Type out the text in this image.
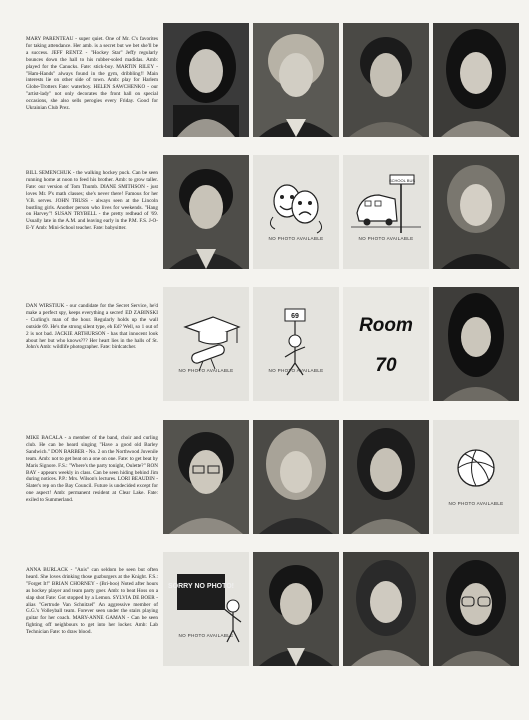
MARY PARENTEAU - super quiet. One of Mr. C's favorites for taking attendance. Her amb. is a secret but we bet she'll be a success. JEFF RENTZ - "Hockey Star" Jeffy regularly bounces down the hall to his rubber-soled madidas. Amb: played for the Canucks. Fate: stick-boy. MARTIN RILEY - "Ham-Hands" always found in the gym, dribbling!! Main interests lie on other side of town. Amb: play for Harlem Globe-Trotters Fate: waterboy. HELEN SAWCHENKO - our "artist-lady" not only decorates the front hall on special occasions, she also sells perogies every Friday. Good for Ukrainian Club Prez.
BILL SEMENCHUK - the walking hockey puck. Can be seen running home at noon to feed his brother. Amb: to grow taller. Fate: our version of Tom Thumb. DIANE SMITHSON - just loves Mr. P's math classes; she's never there! Famous for her V.B. serves. JOHN TRUSS - always seen at the Lincoln bustling girls. Another person who lives for weekends. "Hang on Harvey"! SUSAN TRYBELL - the pretty redhead of '69. Usually late in the A.M. and leaving early in the P.M. F.S. J-O-E-Y Amb: Mini-School teacher. Fate: babysitter.
DAN WIRSTIUK - our candidate for the Secret Service, he'd make a perfect spy, keeps everything a secret! ED ZABINSKI - Curling's man of the hour. Regularly holds up the wall outside 69. He's the strong silent type, eh Ed? Well, so 1 out of 2 is not bad. JACKIE ARTHURSON - has that innocent look about her but who knows??? Her heart lies in the halls of St. John's Amb: wildlife photographer. Fate: birdcatcher.
MIKE BACALA - a member of the band, choir and curling club. He can be heard singing "Have a good old Barley Sandwich." DON BARBER - No. 2 on the Northwood Juvenile team. Amb: not to get beat on a one on one. Fate: to get beat by Maris Signore. F.S.: "Where's the party tonight, Oulette?" RON BAY - appears weekly in class. Can be seen hiding behind Jim during notices. P.P.: Mrs. Wilson's lectures. LORI BEAUDIN - Slater's rep on the Bay Council. Future is undecided except for one aspect! Amb: permanent resident at Clear Lake. Fate: exiled to Summerland.
ANNA BURLACK - "Anis" can seldom be seen but often heard. She loves drinking those guzburgers at the Knight. F.S.: "Forget It!" BRIAN CHORNEY - (Bri-boo) Noted after hours as hockey player and team party goer. Amb: to beat Hoss on a slap shot Fate: Got stopped by a Lemon. SYLVIA DE BOER - alias "Gertrude Van Schnitzel" An aggressive member of G.G.'s Volleyball team. Forever seen under the stairs playing guitar for her coach. MARY-ANNE GAMAN - Can be seen fighting off neighbours to get into her locker. Amb: Lab Technician Fate: to draw blood.
NO PHOTO AVAILABLE
SCHOOL BUS
NO PHOTO AVAILABLE
NO PHOTO AVAILABLE
69
NO PHOTO AVAILABLE
Room
70
NO PHOTO AVAILABLE
SORRY NO PHOTO!
NO PHOTO AVAILABLE
